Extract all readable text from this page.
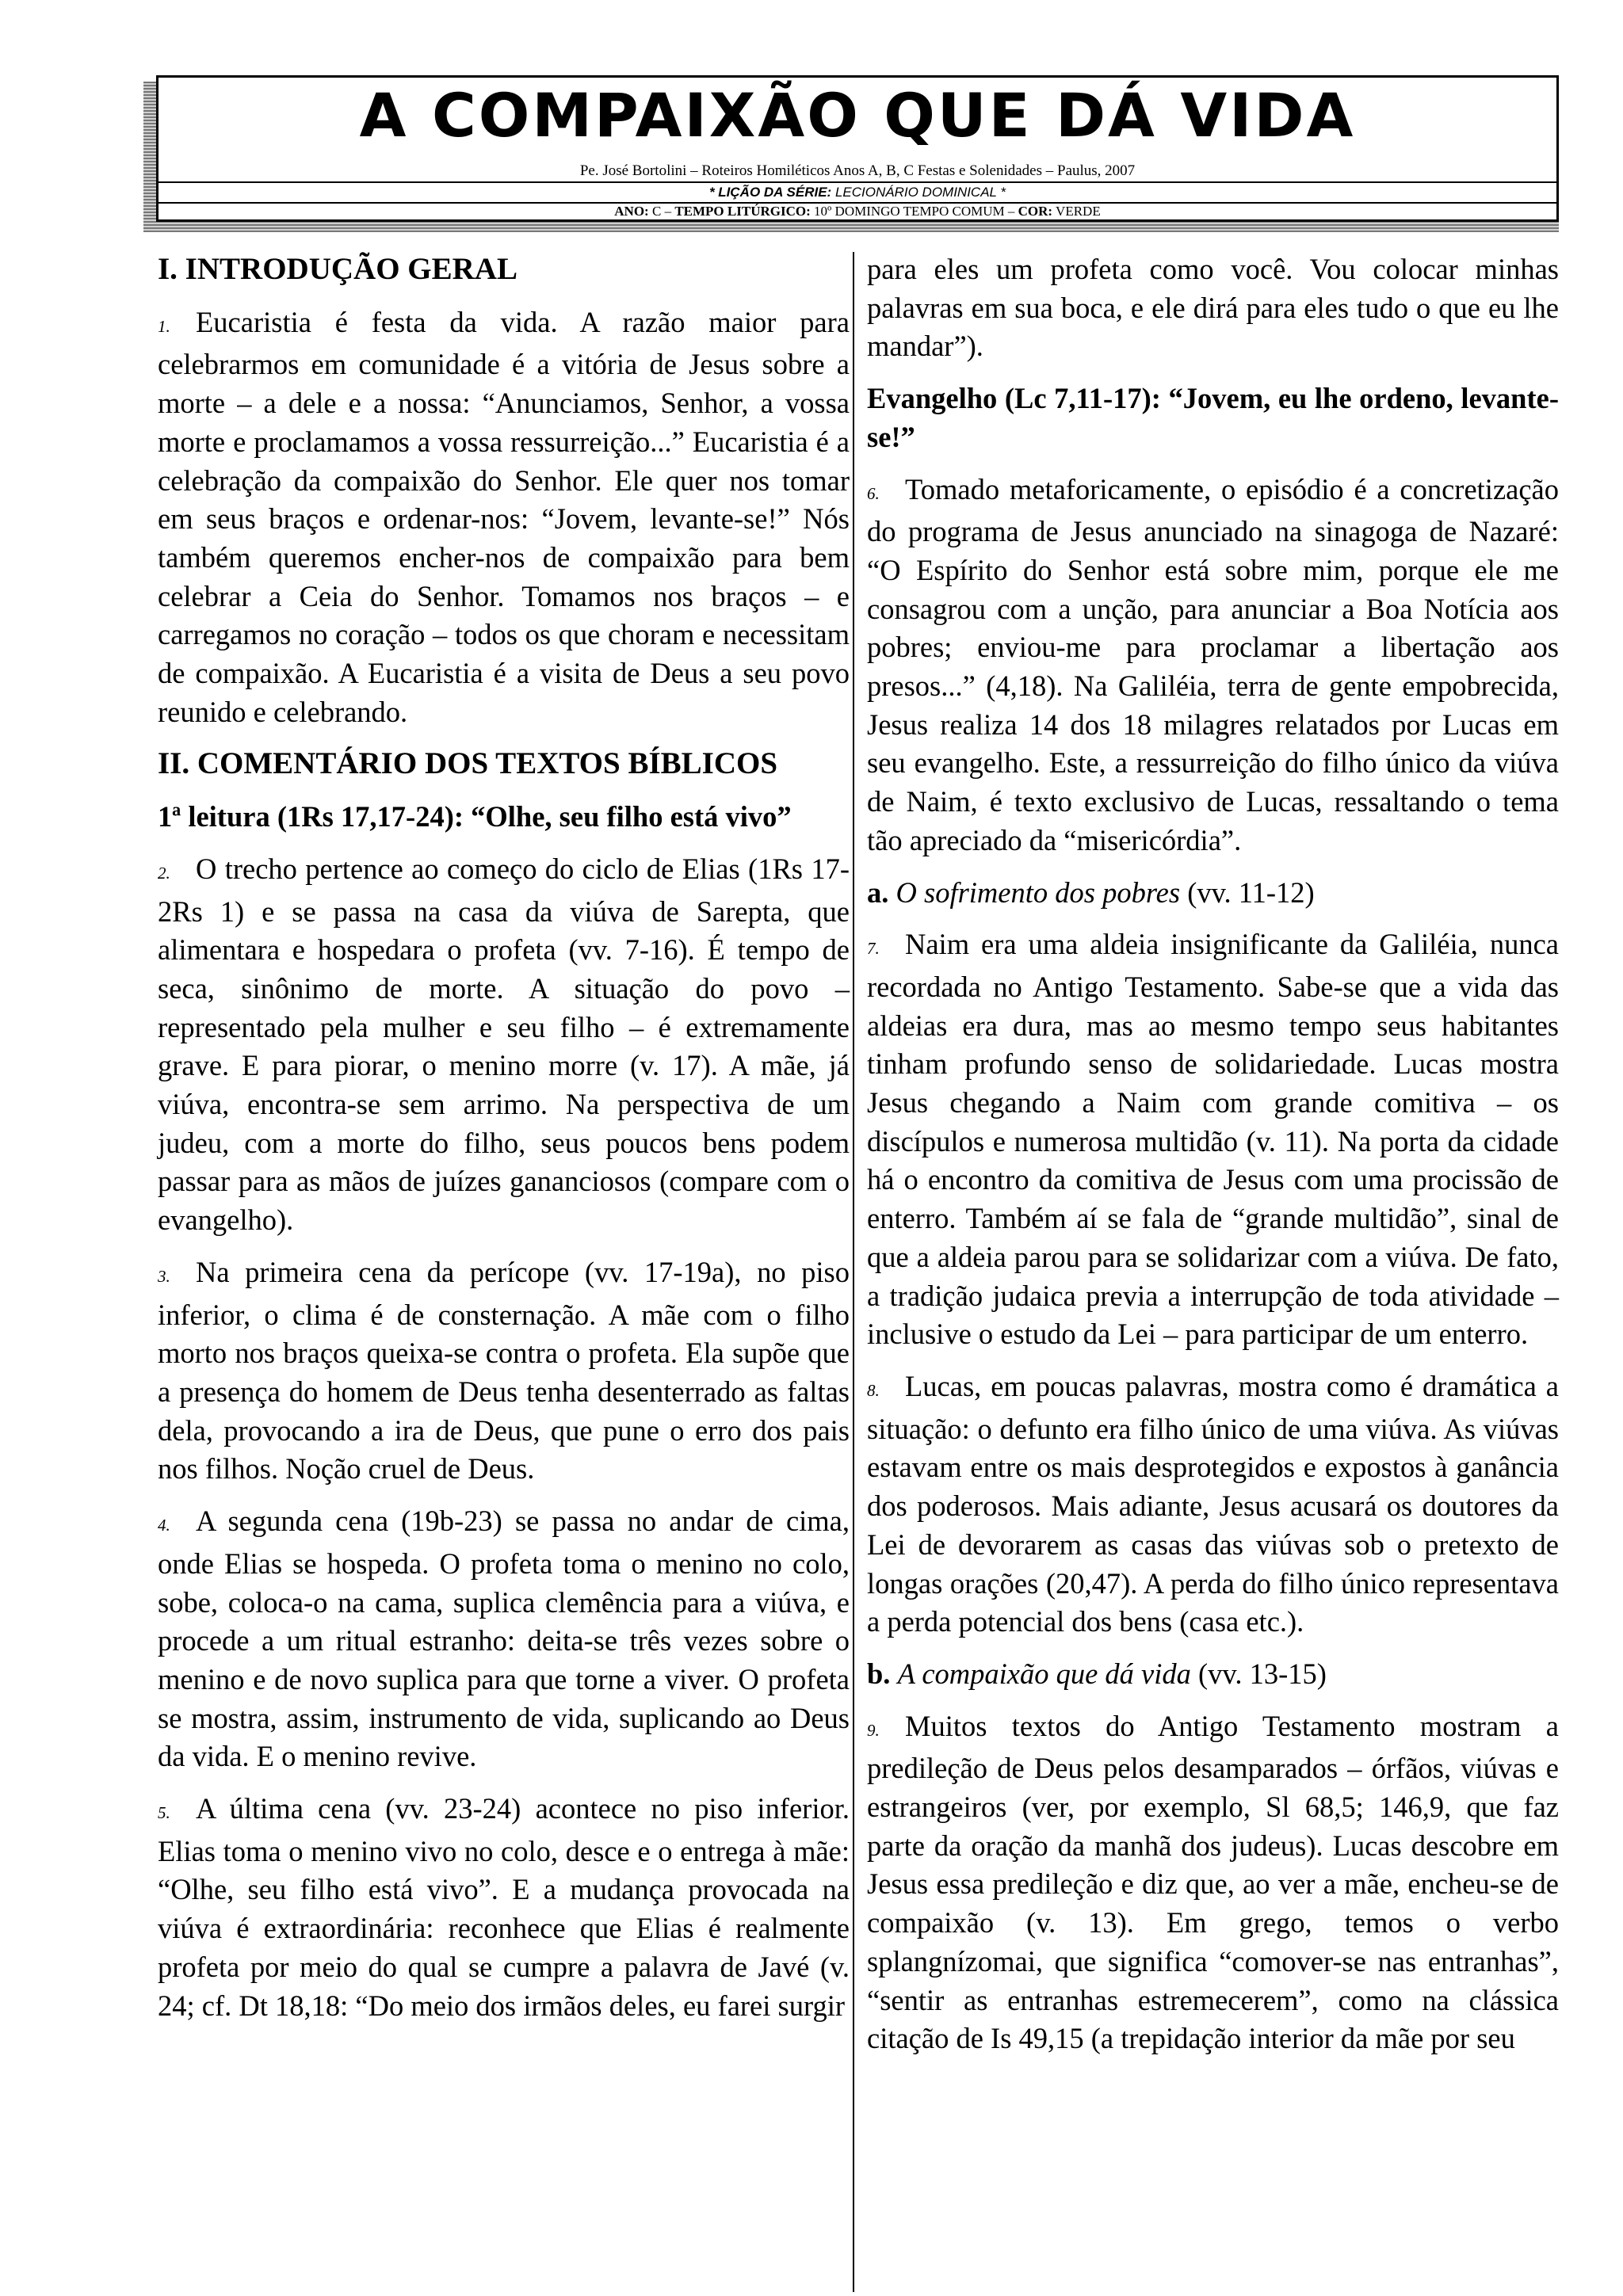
A COMPAIXÃO QUE DÁ VIDA
Pe. José Bortolini – Roteiros Homiléticos Anos A, B, C Festas e Solenidades – Paulus, 2007
* LIÇÃO DA SÉRIE: LECIONÁRIO DOMINICAL *
ANO: C – TEMPO LITÚRGICO: 10º DOMINGO TEMPO COMUM – COR: VERDE

I. INTRODUÇÃO GERAL

1. Eucaristia é festa da vida. A razão maior para celebrarmos em comunidade é a vitória de Jesus sobre a morte – a dele e a nossa: “Anunciamos, Senhor, a vossa morte e proclamamos a vossa ressurreição...” Eucaristia é a celebração da compaixão do Senhor. Ele quer nos tomar em seus braços e ordenar-nos: “Jovem, levante-se!” Nós também queremos encher-nos de compaixão para bem celebrar a Ceia do Senhor. Tomamos nos braços – e carregamos no coração – todos os que choram e necessitam de compaixão. A Eucaristia é a visita de Deus a seu povo reunido e celebrando.

II. COMENTÁRIO DOS TEXTOS BÍBLICOS

1ª leitura (1Rs 17,17-24): “Olhe, seu filho está vivo”

2. O trecho pertence ao começo do ciclo de Elias (1Rs 17-2Rs 1) e se passa na casa da viúva de Sarepta, que alimentara e hospedara o profeta (vv. 7-16). É tempo de seca, sinônimo de morte. A situação do povo – representado pela mulher e seu filho – é extremamente grave. E para piorar, o menino morre (v. 17). A mãe, já viúva, encontra-se sem arrimo. Na perspectiva de um judeu, com a morte do filho, seus poucos bens podem passar para as mãos de juízes gananciosos (compare com o evangelho).

3. Na primeira cena da perícope (vv. 17-19a), no piso inferior, o clima é de consternação. A mãe com o filho morto nos braços queixa-se contra o profeta. Ela supõe que a presença do homem de Deus tenha desenterrado as faltas dela, provocando a ira de Deus, que pune o erro dos pais nos filhos. Noção cruel de Deus.

4. A segunda cena (19b-23) se passa no andar de cima, onde Elias se hospeda. O profeta toma o menino no colo, sobe, coloca-o na cama, suplica clemência para a viúva, e procede a um ritual estranho: deita-se três vezes sobre o menino e de novo suplica para que torne a viver. O profeta se mostra, assim, instrumento de vida, suplicando ao Deus da vida. E o menino revive.

5. A última cena (vv. 23-24) acontece no piso inferior. Elias toma o menino vivo no colo, desce e o entrega à mãe: “Olhe, seu filho está vivo”. E a mudança provocada na viúva é extraordinária: reconhece que Elias é realmente profeta por meio do qual se cumpre a palavra de Javé (v. 24; cf. Dt 18,18: “Do meio dos irmãos deles, eu farei surgir

para eles um profeta como você. Vou colocar minhas palavras em sua boca, e ele dirá para eles tudo o que eu lhe mandar”).

Evangelho (Lc 7,11-17): “Jovem, eu lhe ordeno, levante-se!”

6. Tomado metaforicamente, o episódio é a concretização do programa de Jesus anunciado na sinagoga de Nazaré: “O Espírito do Senhor está sobre mim, porque ele me consagrou com a unção, para anunciar a Boa Notícia aos pobres; enviou-me para proclamar a libertação aos presos...” (4,18). Na Galiléia, terra de gente empobrecida, Jesus realiza 14 dos 18 milagres relatados por Lucas em seu evangelho. Este, a ressurreição do filho único da viúva de Naim, é texto exclusivo de Lucas, ressaltando o tema tão apreciado da “misericórdia”.

a. O sofrimento dos pobres (vv. 11-12)

7. Naim era uma aldeia insignificante da Galiléia, nunca recordada no Antigo Testamento. Sabe-se que a vida das aldeias era dura, mas ao mesmo tempo seus habitantes tinham profundo senso de solidariedade. Lucas mostra Jesus chegando a Naim com grande comitiva – os discípulos e numerosa multidão (v. 11). Na porta da cidade há o encontro da comitiva de Jesus com uma procissão de enterro. Também aí se fala de “grande multidão”, sinal de que a aldeia parou para se solidarizar com a viúva. De fato, a tradição judaica previa a interrupção de toda atividade – inclusive o estudo da Lei – para participar de um enterro.

8. Lucas, em poucas palavras, mostra como é dramática a situação: o defunto era filho único de uma viúva. As viúvas estavam entre os mais desprotegidos e expostos à ganância dos poderosos. Mais adiante, Jesus acusará os doutores da Lei de devorarem as casas das viúvas sob o pretexto de longas orações (20,47). A perda do filho único representava a perda potencial dos bens (casa etc.).

b. A compaixão que dá vida (vv. 13-15)

9. Muitos textos do Antigo Testamento mostram a predileção de Deus pelos desamparados – órfãos, viúvas e estrangeiros (ver, por exemplo, Sl 68,5; 146,9, que faz parte da oração da manhã dos judeus). Lucas descobre em Jesus essa predileção e diz que, ao ver a mãe, encheu-se de compaixão (v. 13). Em grego, temos o verbo splangnízomai, que significa “comover-se nas entranhas”, “sentir as entranhas estremecerem”, como na clássica citação de Is 49,15 (a trepidação interior da mãe por seu
